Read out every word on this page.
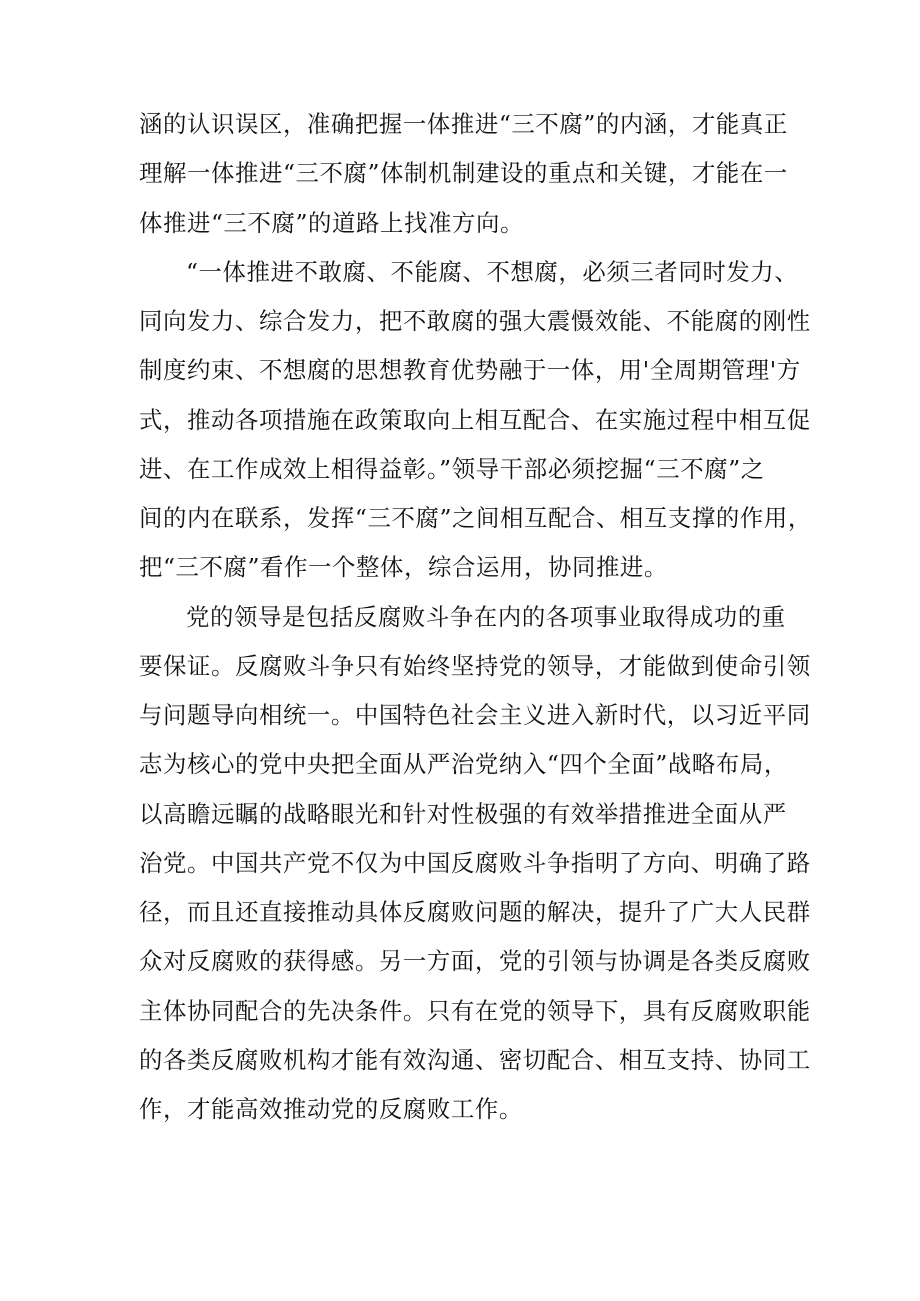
涵的认识误区，准确把握一体推进“三不腐”的内涵，才能真正
理解一体推进“三不腐”体制机制建设的重点和关键，才能在一
体推进“三不腐”的道路上找准方向。
“一体推进不敢腐、不能腐、不想腐，必须三者同时发力、
同向发力、综合发力，把不敢腐的强大震慑效能、不能腐的刚性
制度约束、不想腐的思想教育优势融于一体，用'全周期管理'方
式，推动各项措施在政策取向上相互配合、在实施过程中相互促
进、在工作成效上相得益彰。”领导干部必须挖掘“三不腐”之
间的内在联系，发挥“三不腐”之间相互配合、相互支撑的作用，
把“三不腐”看作一个整体，综合运用，协同推进。
党的领导是包括反腐败斗争在内的各项事业取得成功的重
要保证。反腐败斗争只有始终坚持党的领导，才能做到使命引领
与问题导向相统一。中国特色社会主义进入新时代，以习近平同
志为核心的党中央把全面从严治党纳入“四个全面”战略布局，
以高瞻远瞩的战略眼光和针对性极强的有效举措推进全面从严
治党。中国共产党不仅为中国反腐败斗争指明了方向、明确了路
径，而且还直接推动具体反腐败问题的解决，提升了广大人民群
众对反腐败的获得感。另一方面，党的引领与协调是各类反腐败
主体协同配合的先决条件。只有在党的领导下，具有反腐败职能
的各类反腐败机构才能有效沟通、密切配合、相互支持、协同工
作，才能高效推动党的反腐败工作。
